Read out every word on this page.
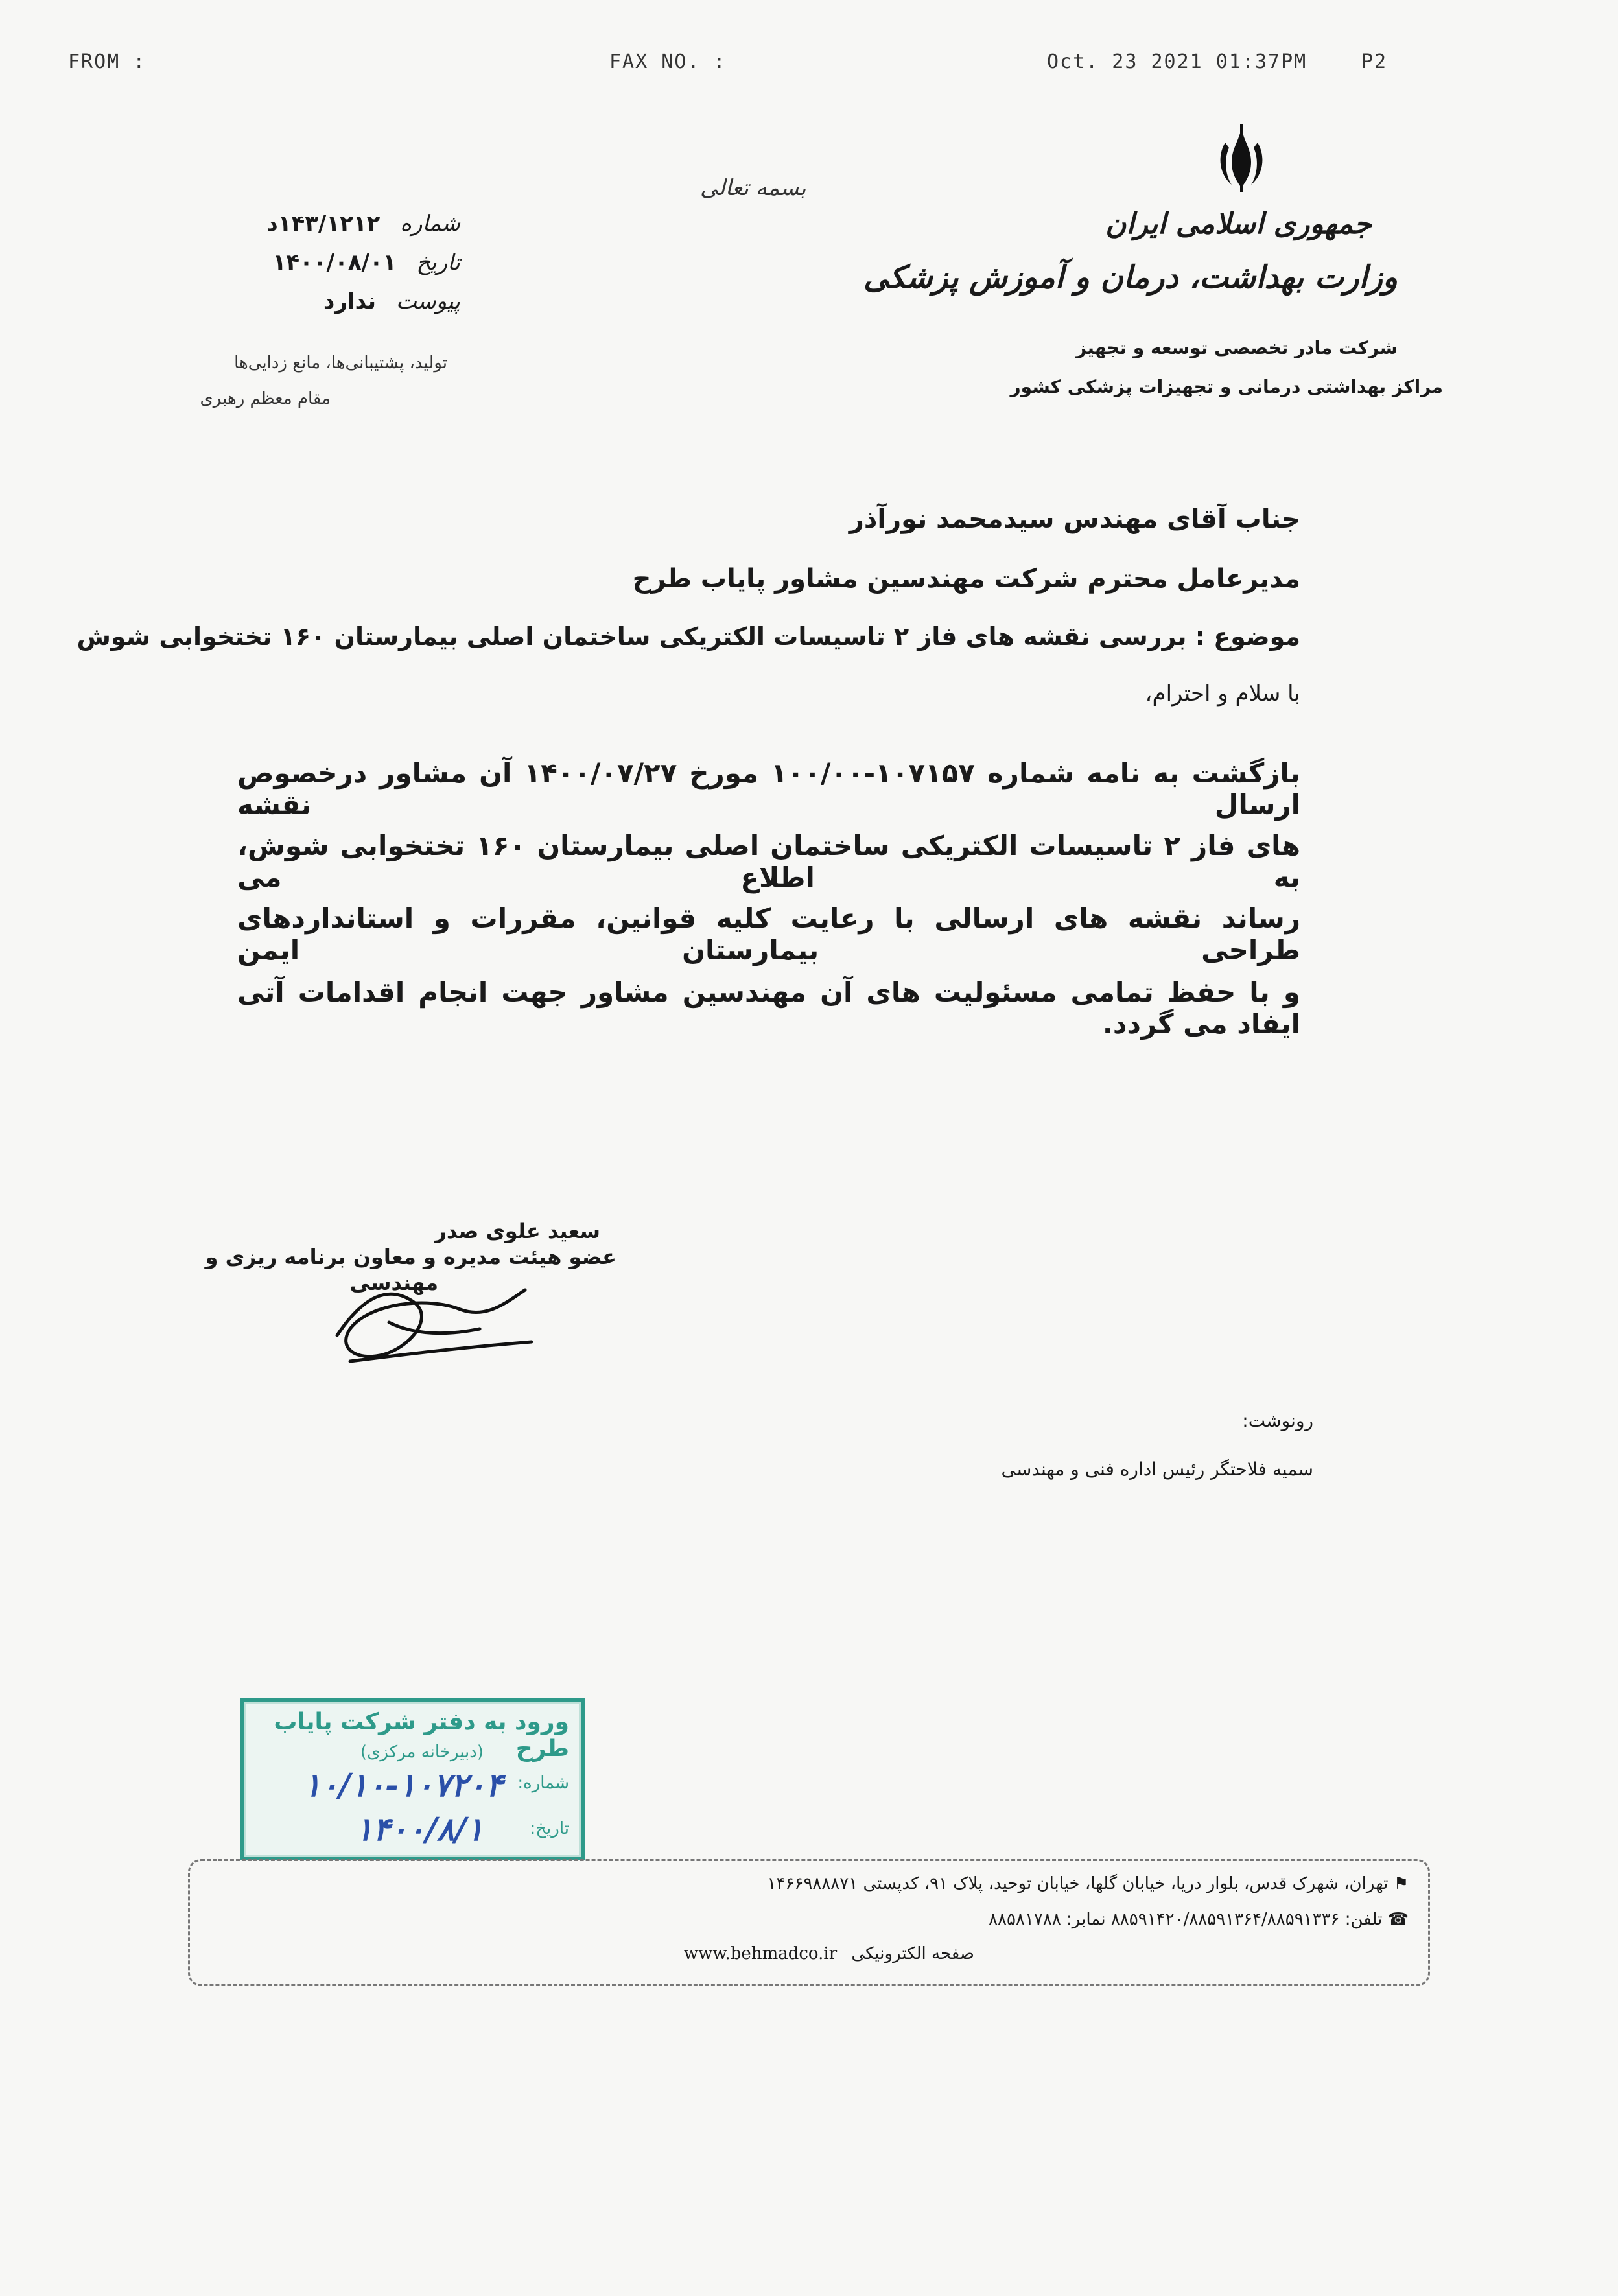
FROM :	FAX NO. :	Oct. 23 2021 01:37PM	P2
بسمه تعالی
جمهوری اسلامی ایران
وزارت بهداشت، درمان و آموزش پزشکی
شرکت مادر تخصصی توسعه و تجهیز
مراکز بهداشتی درمانی و تجهیزات پزشکی کشور
شماره ۱۴۳/۱۲۱۲د
تاریخ ۱۴۰۰/۰۸/۰۱
پیوست ندارد
تولید، پشتیبانی‌ها، مانع زدایی‌ها
مقام معظم رهبری
جناب آقای مهندس سیدمحمد نورآذر
مدیرعامل محترم شرکت مهندسین مشاور پایاب طرح
موضوع : بررسی نقشه های فاز ۲ تاسیسات الکتریکی ساختمان اصلی بیمارستان ۱۶۰ تختخوابی شوش
با سلام و احترام،
بازگشت به نامه شماره ۱۰۷۱۵۷-۱۰۰/۰۰ مورخ ۱۴۰۰/۰۷/۲۷ آن مشاور درخصوص ارسال نقشه
های فاز ۲ تاسیسات الکتریکی ساختمان اصلی بیمارستان ۱۶۰ تختخوابی شوش، به اطلاع می
رساند نقشه های ارسالی با رعایت کلیه قوانین، مقررات و استانداردهای طراحی بیمارستان ایمن
و با حفظ تمامی مسئولیت های آن مهندسین مشاور جهت انجام اقدامات آتی ایفاد می گردد.
سعید علوی صدر
عضو هیئت مدیره و معاون برنامه ریزی و
مهندسی
رونوشت:
سمیه فلاحتگر رئیس اداره فنی و مهندسی
ورود به دفتر شرکت پایاب طرح
(دبیرخانه مرکزی)
شماره:
۱۰/۱۰-۱۰۷۲۰۴
تاریخ:
۱۴۰۰/۸/۱
⚑ تهران، شهرک قدس، بلوار دریا، خیابان گلها، خیابان توحید، پلاک ۹۱، کدپستی ۱۴۶۶۹۸۸۸۷۱
☎ تلفن: ۸۸۵۹۱۴۲۰/۸۸۵۹۱۳۶۴/۸۸۵۹۱۳۳۶ نمابر: ۸۸۵۸۱۷۸۸
صفحه الکترونیکی www.behmadco.ir
